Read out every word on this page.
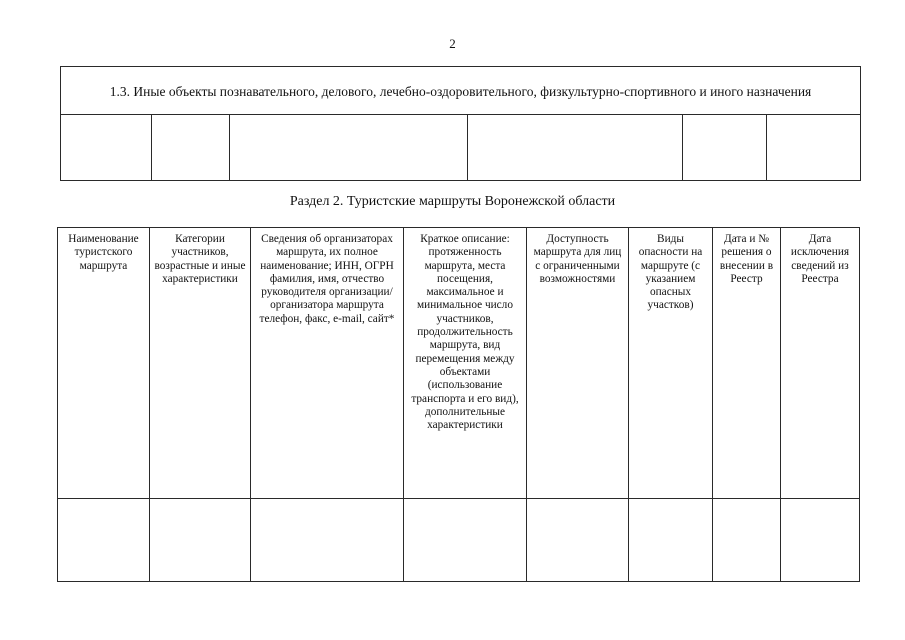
2
1.3. Иные объекты познавательного, делового, лечебно-оздоровительного, физкультурно-спортивного и иного назначения

Раздел 2. Туристские маршруты Воронежской области
Наименование туристского маршрута	Категории участников, возрастные и иные характеристики	Сведения об организаторах маршрута, их полное наименование; ИНН, ОГРН фамилия, имя, отчество руководителя организации/ организатора маршрута телефон, факс, e-mail, сайт*	Краткое описание: протяженность маршрута, места посещения, максимальное и минимальное число участников, продолжительность маршрута, вид перемещения между объектами (использование транспорта и его вид), дополнительные характеристики	Доступность маршрута для лиц с ограниченными возможностями	Виды опасности на маршруте (с указанием опасных участков)	Дата и № решения о внесении в Реестр	Дата исключения сведений из Реестра
